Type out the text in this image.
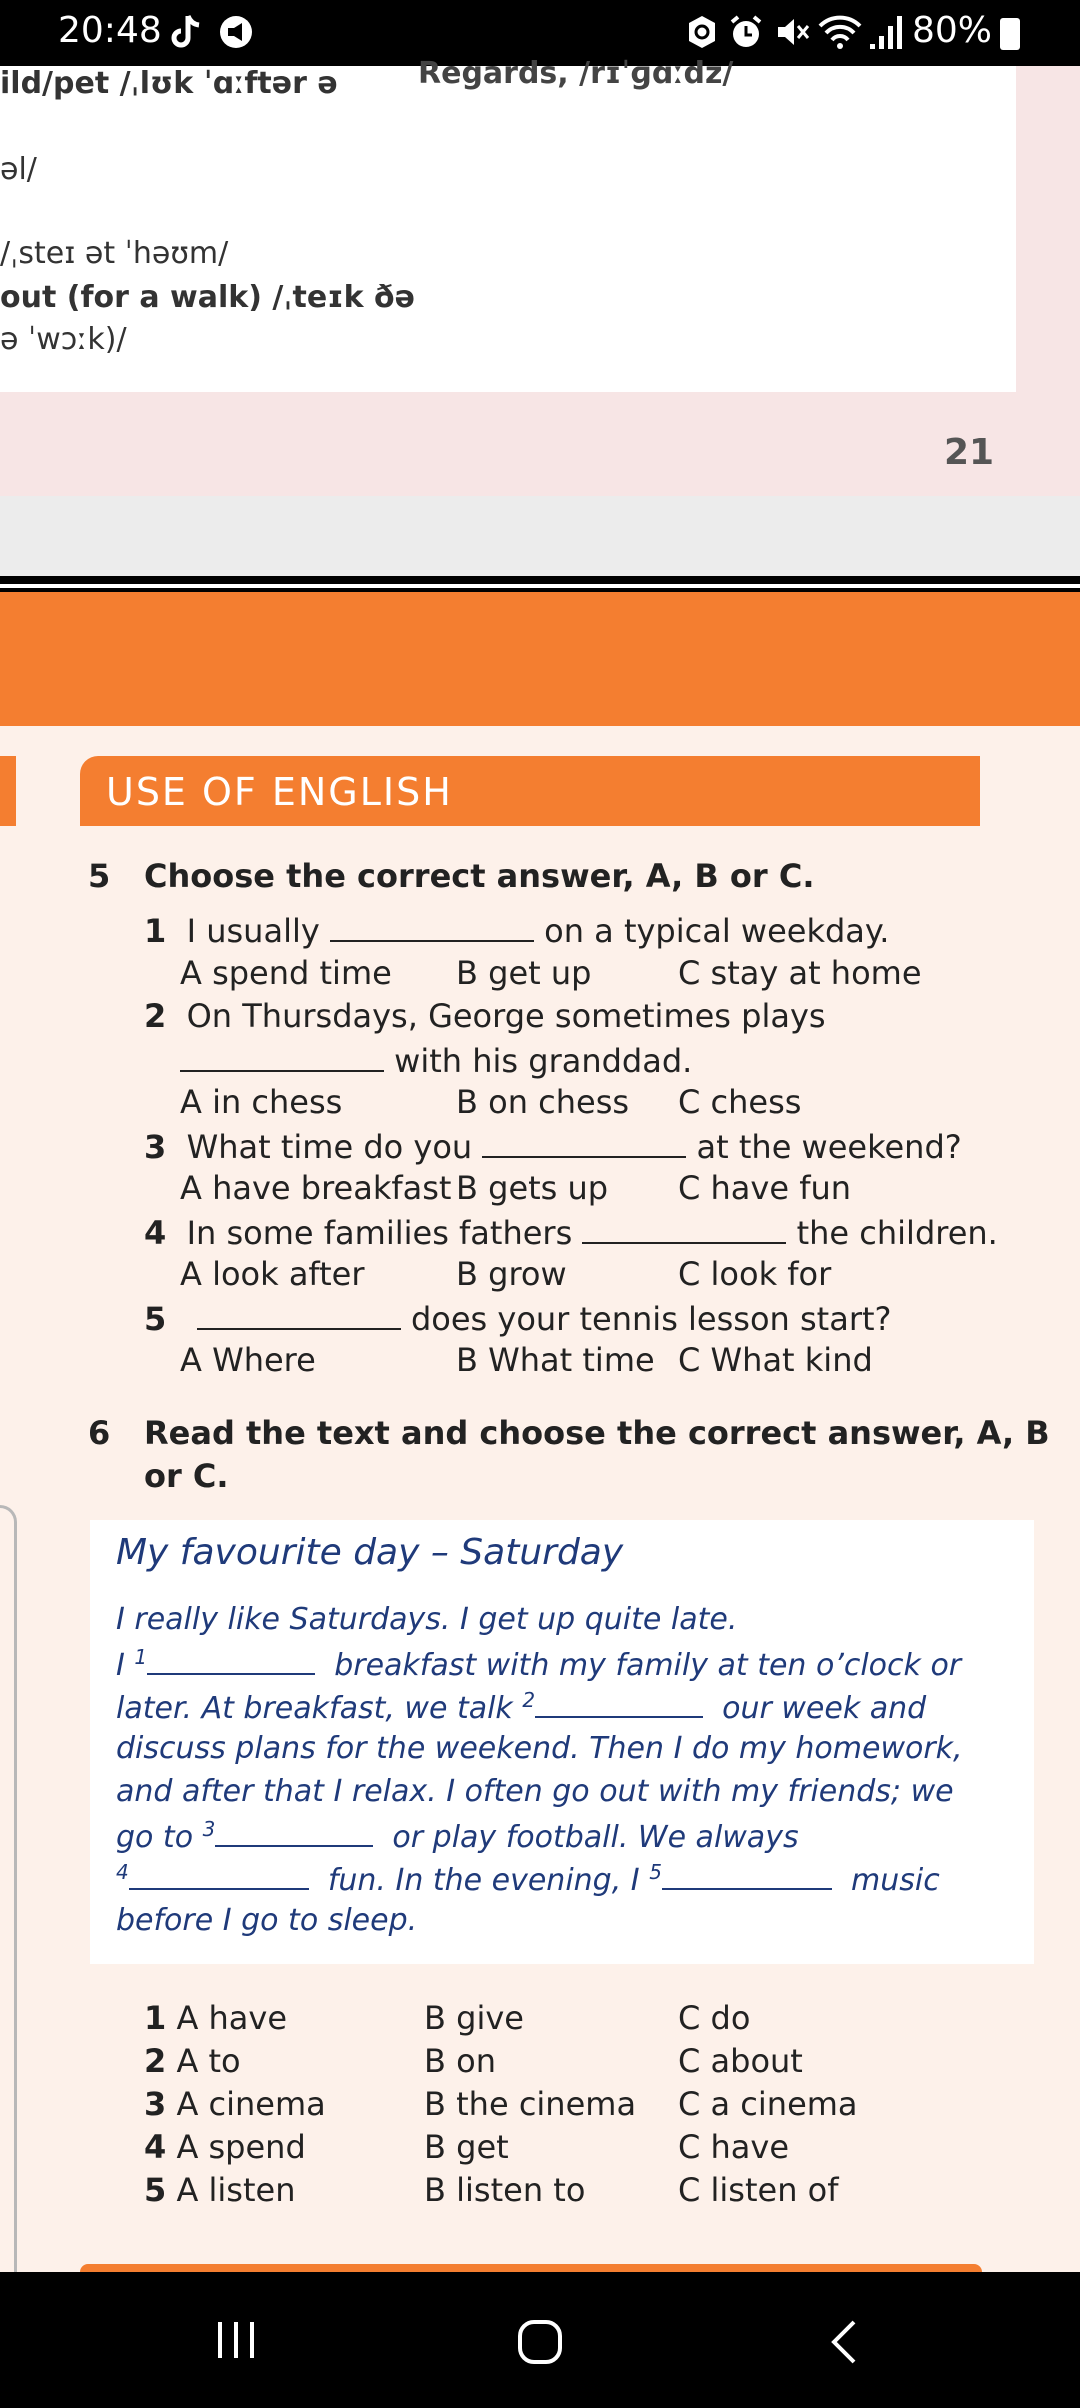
20:48	80%
ild/pet /ˌlʊk ˈɑːftər ə	Regards, /rɪˈɡɑːdz/
əl/
/ˌsteɪ ət ˈhəʊm/
out (for a walk) /ˌteɪk ðə
ə ˈwɔːk)/
21
USE OF ENGLISH
5 Choose the correct answer, A, B or C.
1 I usually	on a typical weekday.
A spend time B get up	C stay at home
2 On Thursdays, George sometimes plays
with his granddad.
A in chess	B on chess C chess
3 What time do you	at the weekend?
A have breakfast B gets up C have fun
4 In some families fathers	the children.
A look after	B grow	C look for
5	does your tennis lesson start?
A Where	B What time C What kind
6 Read the text and choose the correct answer, A, B
or C.
My favourite day – Saturday
I really like Saturdays. I get up quite late.
I $^1$	breakfast with my family at ten o’clock or
later. At breakfast, we talk $^2$	our week and
discuss plans for the weekend. Then I do my homework,
and after that I relax. I often go out with my friends; we
go to $^3$	or play football. We always
$^4$	fun. In the evening, I $^5$	music
before I go to sleep.
1 A have	B give	C do
2 A to	B on	C about
3 A cinema	B the cinema C a cinema
4 A spend	B get	C have
5 A listen	B listen to	C listen of
